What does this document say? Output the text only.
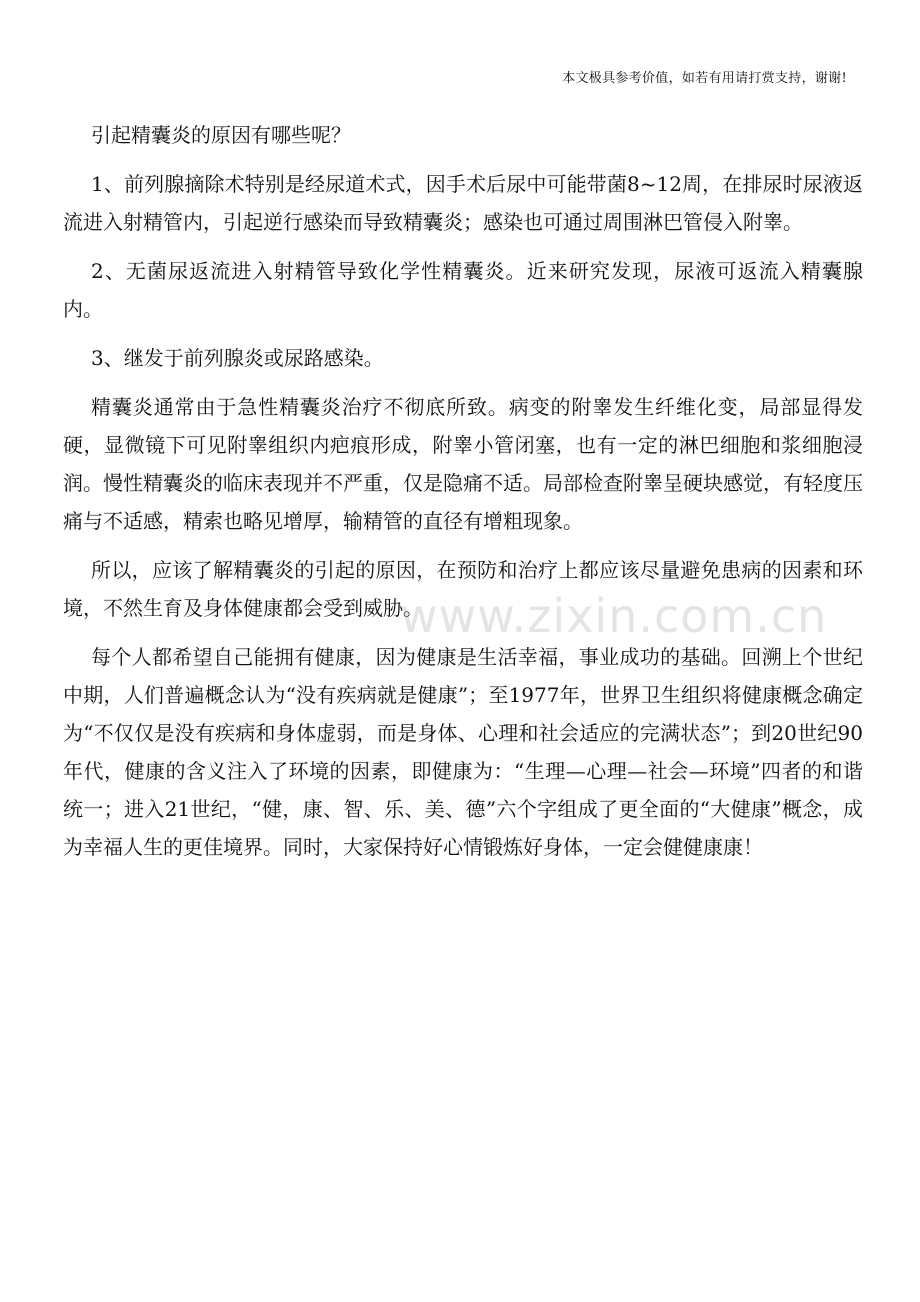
本文极具参考价值，如若有用请打赏支持，谢谢!

引起精囊炎的原因有哪些呢？

1、前列腺摘除术特别是经尿道术式，因手术后尿中可能带菌8~12周，在排尿时尿液返流进入射精管内，引起逆行感染而导致精囊炎；感染也可通过周围淋巴管侵入附睾。

2、无菌尿返流进入射精管导致化学性精囊炎。近来研究发现，尿液可返流入精囊腺内。

3、继发于前列腺炎或尿路感染。

精囊炎通常由于急性精囊炎治疗不彻底所致。病变的附睾发生纤维化变，局部显得发硬，显微镜下可见附睾组织内疤痕形成，附睾小管闭塞，也有一定的淋巴细胞和浆细胞浸润。慢性精囊炎的临床表现并不严重，仅是隐痛不适。局部检查附睾呈硬块感觉，有轻度压痛与不适感，精索也略见增厚，输精管的直径有增粗现象。

所以，应该了解精囊炎的引起的原因，在预防和治疗上都应该尽量避免患病的因素和环境，不然生育及身体健康都会受到威胁。

每个人都希望自己能拥有健康，因为健康是生活幸福，事业成功的基础。回溯上个世纪中期，人们普遍概念认为“没有疾病就是健康”；至1977年，世界卫生组织将健康概念确定为“不仅仅是没有疾病和身体虚弱，而是身体、心理和社会适应的完满状态”；到20世纪90年代，健康的含义注入了环境的因素，即健康为：“生理—心理—社会—环境”四者的和谐统一；进入21世纪，“健，康、智、乐、美、德”六个字组成了更全面的“大健康”概念，成为幸福人生的更佳境界。同时，大家保持好心情锻炼好身体，一定会健健康康！

www.zixin.com.cn
